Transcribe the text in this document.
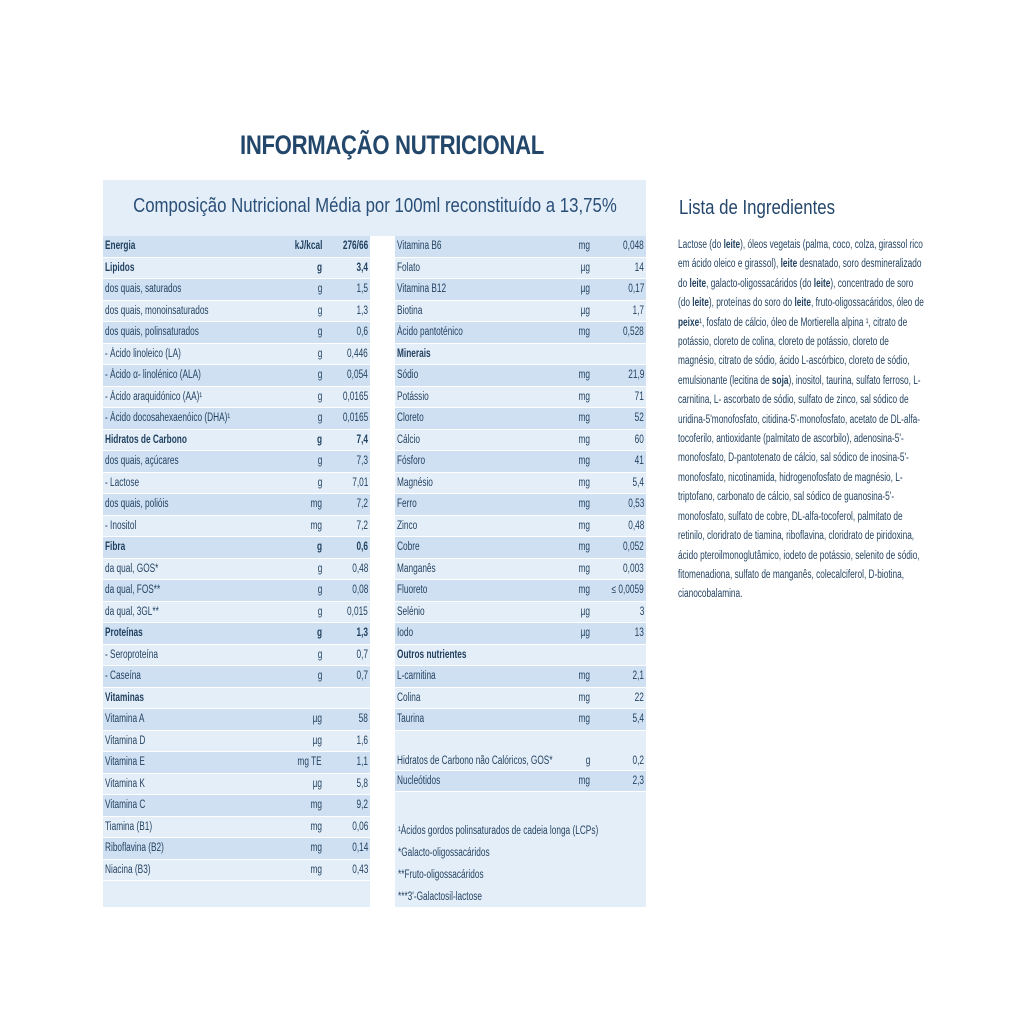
INFORMAÇÃO NUTRICIONAL
Composição Nutricional Média por 100ml reconstituído a 13,75%
Energia	kJ/kcal 276/66
Lipidos	g	3,4
dos quais, saturados	g	1,5
dos quais, monoinsaturados	g	1,3
dos quais, polinsaturados	g	0,6
- Ácido linoleico (LA)	g 0,446
- Ácido α- linolénico (ALA)	g 0,054
- Ácido araquidónico (AA)¹	g 0,0165
- Ácido docosahexaenóico (DHA)¹	g 0,0165
Hidratos de Carbono	g	7,4
dos quais, açúcares	g	7,3
- Lactose	g	7,01
dos quais, polióis	mg	7,2
- Inositol	mg	7,2
Fibra	g	0,6
da qual, GOS*	g	0,48
da qual, FOS**	g	0,08
da qual, 3GL**	g 0,015
Proteínas	g	1,3
- Seroproteína	g	0,7
- Caseína	g	0,7
Vitaminas
Vitamina A	µg	58
Vitamina D	µg	1,6
Vitamina E	mg TE	1,1
Vitamina K	µg	5,8
Vitamina C	mg	9,2
Tiamina (B1)	mg	0,06
Riboflavina (B2)	mg	0,14
Niacina (B3)	mg	0,43
Vitamina B6	mg	0,048
Folato	µg	14
Vitamina B12	µg	0,17
Biotina	µg	1,7
Ácido pantoténico	mg	0,528
Minerais
Sódio	mg	21,9
Potássio	mg	71
Cloreto	mg	52
Cálcio	mg	60
Fósforo	mg	41
Magnésio	mg	5,4
Ferro	mg	0,53
Zinco	mg	0,48
Cobre	mg	0,052
Manganês	mg	0,003
Fluoreto	mg ≤ 0,0059
Selénio	µg	3
Iodo	µg	13
Outros nutrientes
L-carnitina	mg	2,1
Colina	mg	22
Taurina	mg	5,4
Hidratos de Carbono não Calóricos, GOS*	g	0,2
Nucleótidos	mg	2,3
¹Ácidos gordos polinsaturados de cadeia longa (LCPs)
*Galacto-oligossacáridos
**Fruto-oligossacáridos
***3'-Galactosil-lactose
Lista de Ingredientes
Lactose (do leite), óleos vegetais (palma, coco, colza, girassol rico em ácido oleico e girassol), leite desnatado, soro desmineralizado do leite, galacto-oligossacáridos (do leite), concentrado de soro (do leite), proteínas do soro do leite, fruto-oligossacáridos, óleo de peixe¹, fosfato de cálcio, óleo de Mortierella alpina ¹, citrato de potássio, cloreto de colina, cloreto de potássio, cloreto de magnésio, citrato de sódio, ácido L-ascórbico, cloreto de sódio, emulsionante (lecitina de soja), inositol, taurina, sulfato ferroso, L-carnitina, L- ascorbato de sódio, sulfato de zinco, sal sódico de uridina-5'monofosfato, citidina-5'-monofosfato, acetato de DL-alfa-tocoferilo, antioxidante (palmitato de ascorbilo), adenosina-5'-monofosfato, D-pantotenato de cálcio, sal sódico de inosina-5'-monofosfato, nicotinamida, hidrogenofosfato de magnésio, L-triptofano, carbonato de cálcio, sal sódico de guanosina-5'-monofosfato, sulfato de cobre, DL-alfa-tocoferol, palmitato de retinilo, cloridrato de tiamina, riboflavina, cloridrato de piridoxina, ácido pteroilmonoglutâmico, iodeto de potássio, selenito de sódio, fitomenadiona, sulfato de manganês, colecalciferol, D-biotina, cianocobalamina.
